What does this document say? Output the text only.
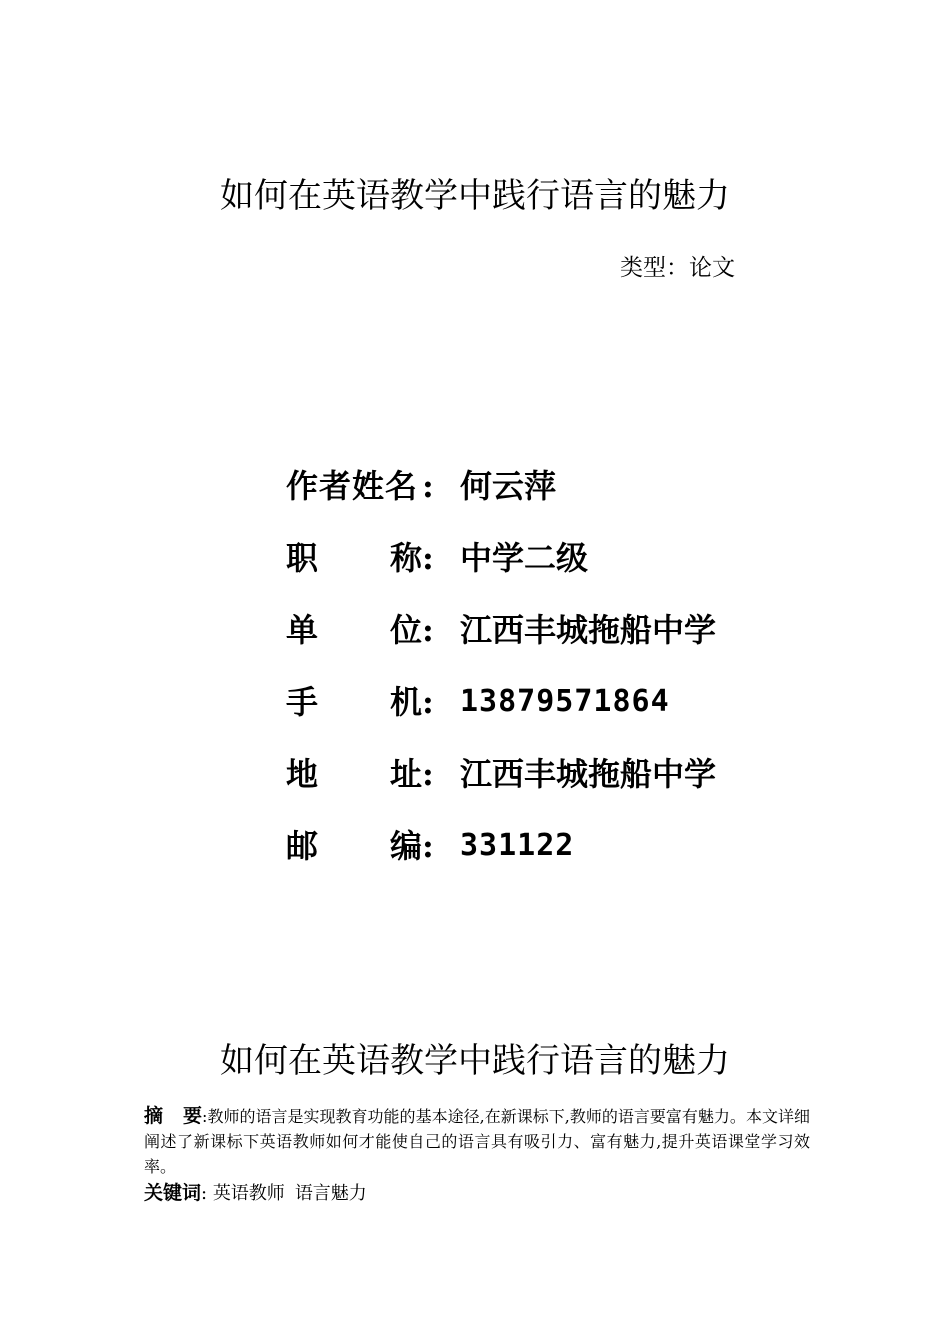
如何在英语教学中践行语言的魅力
类型：论文
作者姓名 : 何云萍
职 称 : 中学二级
单 位 : 江西丰城拖船中学
手 机 : 13879571864
地 址 : 江西丰城拖船中学
邮 编 : 331122
如何在英语教学中践行语言的魅力
摘 要:教师的语言是实现教育功能的基本途径,在新课标下,教师的语言要富有魅力。本文详细阐述了新课标下英语教师如何才能使自己的语言具有吸引力、富有魅力,提升英语课堂学习效率。
关键词: 英语教师 语言魅力
